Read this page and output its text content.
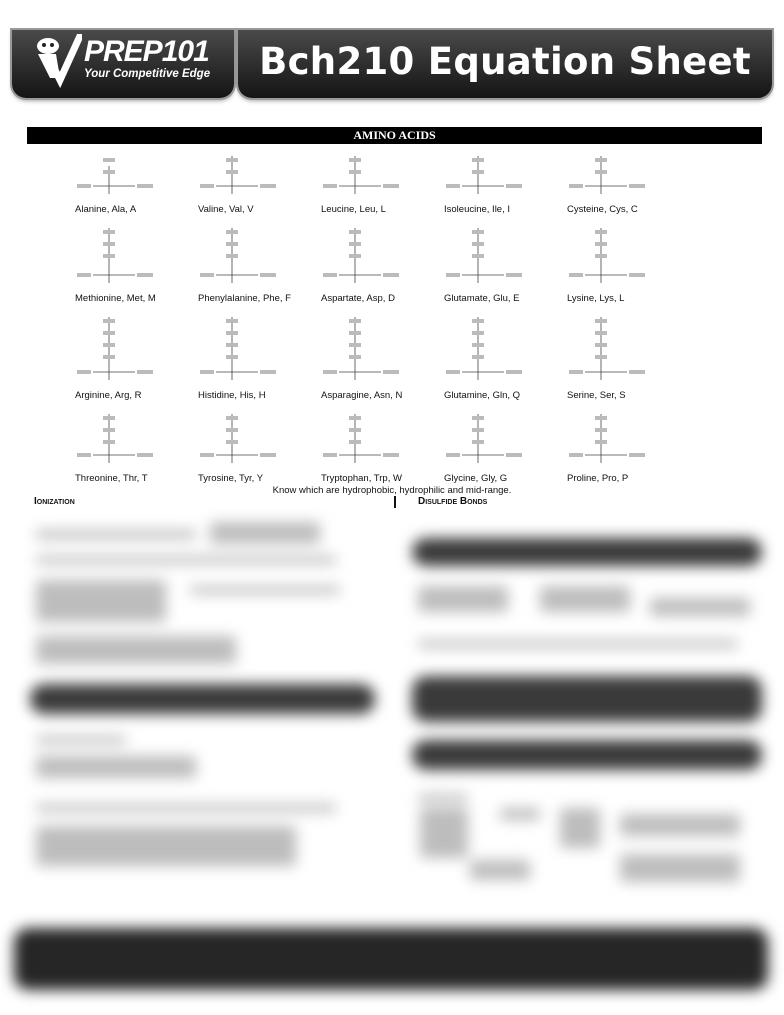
PREP101
Your Competitive Edge Bch210 Equation Sheet
AMINO ACIDS
Alanine, Ala, A	Valine, Val, V	Leucine, Leu, L	Isoleucine, Ile, I	Cysteine, Cys, C
Methionine, Met, M	Phenylalanine, Phe, F	Aspartate, Asp, D	Glutamate, Glu, E	Lysine, Lys, L
Arginine, Arg, R	Histidine, His, H	Asparagine, Asn, N	Glutamine, Gln, Q	Serine, Ser, S
Threonine, Thr, T	Tyrosine, Tyr, Y	Tryptophan, Trp, W	Glycine, Gly, G	Proline, Pro, P
Know which are hydrophobic, hydrophilic and mid-range.
Ionization	Disulfide Bonds
